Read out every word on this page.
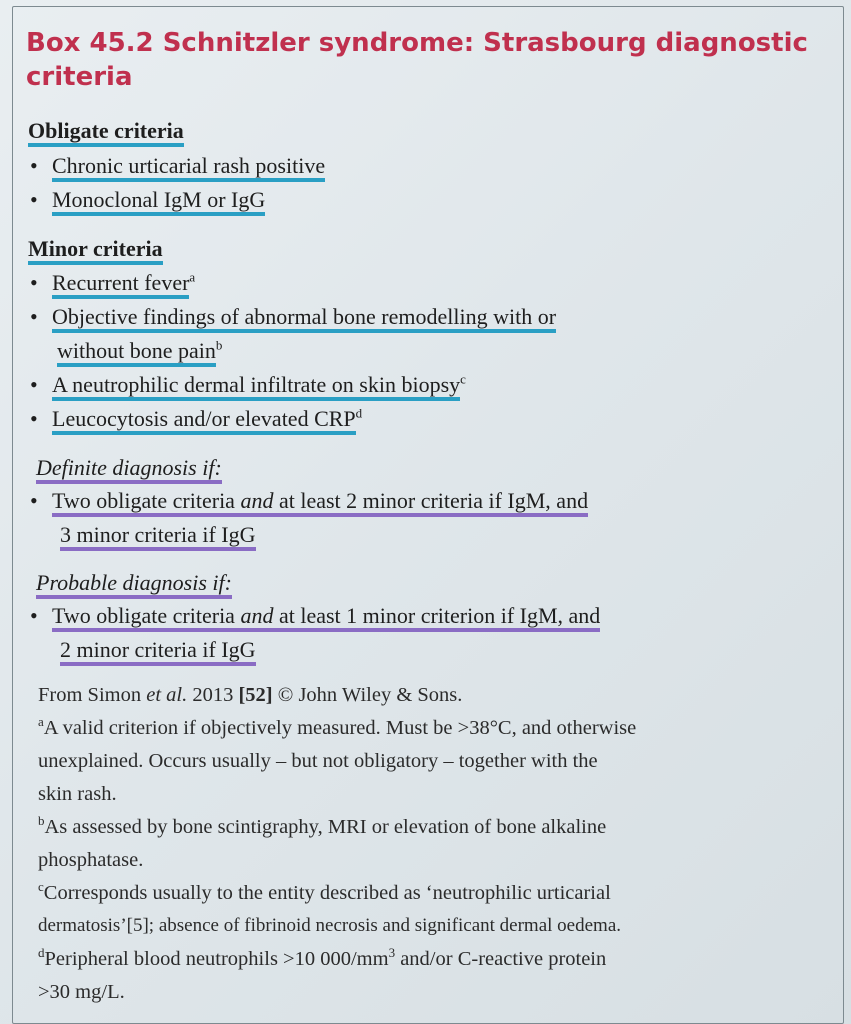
Box 45.2 Schnitzler syndrome: Strasbourg diagnostic criteria
Obligate criteria
• Chronic urticarial rash positive
• Monoclonal IgM or IgG
Minor criteria
• Recurrent fever$^a$
• Objective findings of abnormal bone remodelling with or
without bone pain$^b$
• A neutrophilic dermal infiltrate on skin biopsy$^c$
• Leucocytosis and/or elevated CRP$^d$
Definite diagnosis if:
• Two obligate criteria and at least 2 minor criteria if IgM, and
3 minor criteria if IgG
Probable diagnosis if:
• Two obligate criteria and at least 1 minor criterion if IgM, and
2 minor criteria if IgG
From Simon et al. 2013 [52] © John Wiley & Sons.
$^a$A valid criterion if objectively measured. Must be >38°C, and otherwise
unexplained. Occurs usually – but not obligatory – together with the
skin rash.
$^b$As assessed by bone scintigraphy, MRI or elevation of bone alkaline
phosphatase.
$^c$Corresponds usually to the entity described as ‘neutrophilic urticarial
dermatosis’[5]; absence of fibrinoid necrosis and significant dermal oedema.
$^d$Peripheral blood neutrophils >10 $000/mm^3$ and/or C-reactive protein
>30 mg/L.
